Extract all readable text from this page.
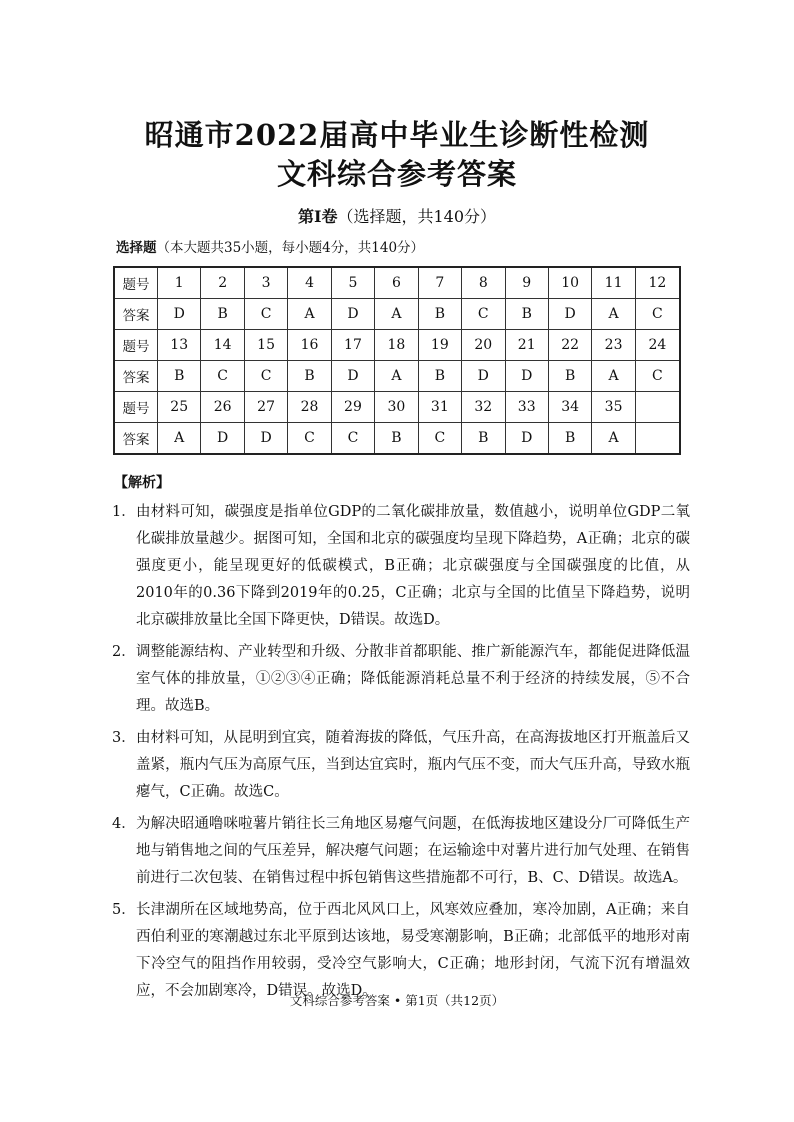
昭通市2022届高中毕业生诊断性检测
文科综合参考答案
第Ⅰ卷（选择题，共140分）
选择题（本大题共35小题，每小题4分，共140分）
题号	1	2	3	4	5	6	7	8	9	10	11	12
答案	D	B	C	A	D	A	B	C	B	D	A	C
题号	13	14	15	16	17	18	19	20	21	22	23	24
答案	B	C	C	B	D	A	B	D	D	B	A	C
题号	25	26	27	28	29	30	31	32	33	34	35	
答案	A	D	D	C	C	B	C	B	D	B	A	
【解析】
1． 由材料可知，碳强度是指单位GDP的二氧化碳排放量，数值越小，说明单位GDP二氧化碳排放量越少。据图可知，全国和北京的碳强度均呈现下降趋势，A正确；北京的碳强度更小，能呈现更好的低碳模式，B正确；北京碳强度与全国碳强度的比值，从2010年的0.36下降到2019年的0.25，C正确；北京与全国的比值呈下降趋势，说明北京碳排放量比全国下降更快，D错误。故选D。
2． 调整能源结构、产业转型和升级、分散非首都职能、推广新能源汽车，都能促进降低温室气体的排放量，①②③④正确；降低能源消耗总量不利于经济的持续发展，⑤不合理。故选B。
3． 由材料可知，从昆明到宜宾，随着海拔的降低，气压升高，在高海拔地区打开瓶盖后又盖紧，瓶内气压为高原气压，当到达宜宾时，瓶内气压不变，而大气压升高，导致水瓶瘪气，C正确。故选C。
4． 为解决昭通噜咪啦薯片销往长三角地区易瘪气问题，在低海拔地区建设分厂可降低生产地与销售地之间的气压差异，解决瘪气问题；在运输途中对薯片进行加气处理、在销售前进行二次包装、在销售过程中拆包销售这些措施都不可行，B、C、D错误。故选A。
5． 长津湖所在区域地势高，位于西北风风口上，风寒效应叠加，寒冷加剧，A正确；来自西伯利亚的寒潮越过东北平原到达该地，易受寒潮影响，B正确；北部低平的地形对南下冷空气的阻挡作用较弱，受冷空气影响大，C正确；地形封闭，气流下沉有增温效应，不会加剧寒冷，D错误。故选D。
文科综合参考答案 • 第1页（共12页）
